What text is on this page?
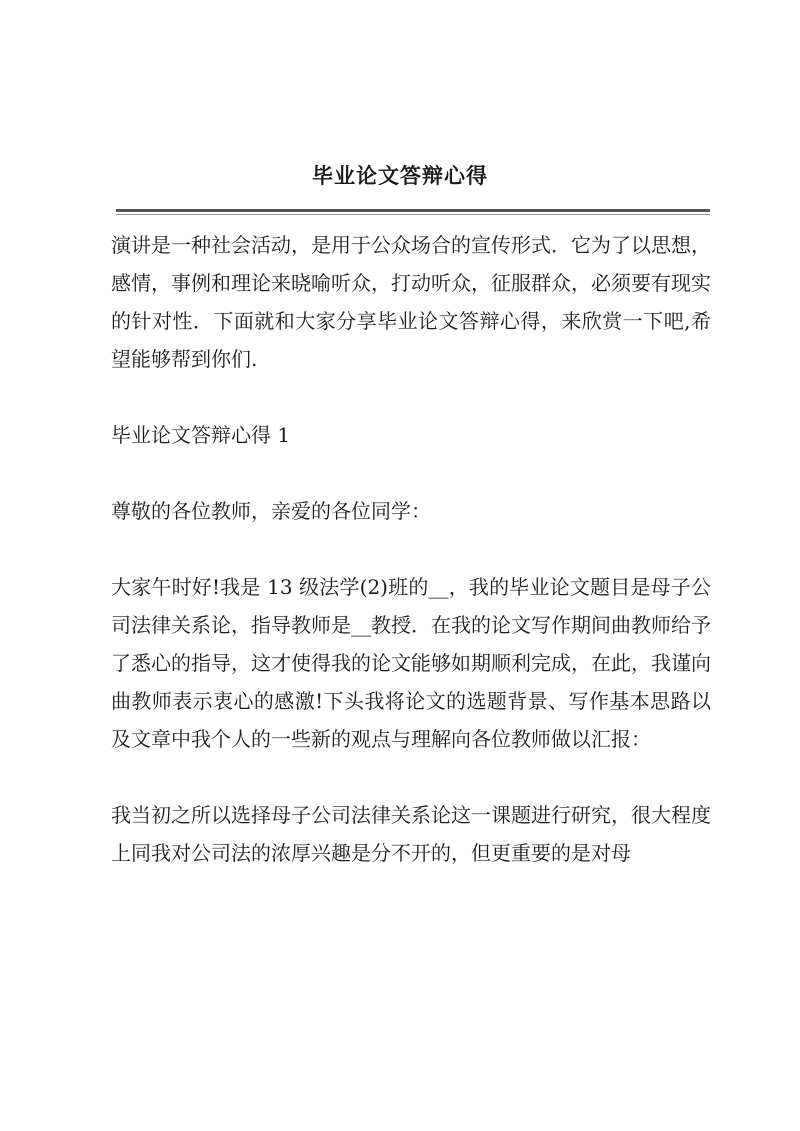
毕业论文答辩心得

演讲是一种社会活动，是用于公众场合的宣传形式．它为了以思想，感情，事例和理论来晓喻听众，打动听众，征服群众，必须要有现实的针对性．下面就和大家分享毕业论文答辩心得，来欣赏一下吧,希望能够帮到你们.

毕业论文答辩心得 1

尊敬的各位教师，亲爱的各位同学：

大家午时好!我是 13 级法学(2)班的__，我的毕业论文题目是母子公司法律关系论，指导教师是__教授．在我的论文写作期间曲教师给予了悉心的指导，这才使得我的论文能够如期顺利完成，在此，我谨向曲教师表示衷心的感激!下头我将论文的选题背景、写作基本思路以及文章中我个人的一些新的观点与理解向各位教师做以汇报：

我当初之所以选择母子公司法律关系论这一课题进行研究，很大程度上同我对公司法的浓厚兴趣是分不开的，但更重要的是对母
